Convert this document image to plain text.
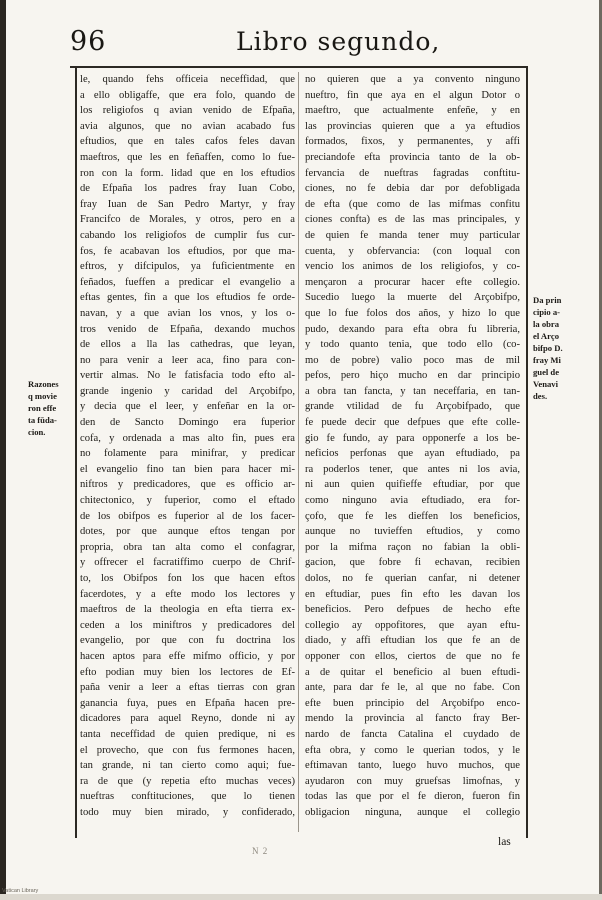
96	Libro segundo,
le, quando fehs officeia neceffidad, que
a ello obligaffe, que era folo, quando de
los religiofos q avian venido de Efpaña,
avia algunos, que no avian acabado fus
eftudios, que en tales cafos feles davan
maeftros, que les en feñaffen, como lo fue-
ron con la form. lidad que en los eftudios
de Efpaña los padres fray Iuan Cobo,
fray Iuan de San Pedro Martyr, y fray
Francifco de Morales, y otros, pero en a
cabando los religiofos de cumplir fus cur-
fos, fe acabavan los eftudios, por que ma-
eftros, y difcipulos, ya fuficientmente en
feñados, fueffen a predicar el evangelio a
eftas gentes, fin a que los eftudios fe orde-
navan, y a que avian los vnos, y los o-
tros venido de Efpaña, dexando muchos
de ellos a lla las cathedras, que leyan,
no para venir a leer aca, fino para con-
vertir almas. No le fatisfacia todo efto al-
grande ingenio y caridad del Arçobifpo,
y decia que el leer, y enfeñar en la or-
den de Sancto Domingo era fuperior
cofa, y ordenada a mas alto fin, pues era
no folamente para minifrar, y predicar
el evangelio fino tan bien para hacer mi-
niftros y predicadores, que es officio ar-
chitectonico, y fuperior, como el eftado
de los obifpos es fuperior al de los facer-
dotes, por que aunque eftos tengan por
propria, obra tan alta como el confagrar,
y offrecer el facratiffimo cuerpo de Chrif-
to, los Obifpos fon los que hacen eftos
facerdotes, y a efte modo los lectores y
maeftros de la theologia en efta tierra ex-
ceden a los miniftros y predicadores del
evangelio, por que con fu doctrina los
hacen aptos para effe mifmo officio, y por
efto podian muy bien los lectores de Ef-
paña venir a leer a eftas tierras con gran
ganancia fuya, pues en Efpaña hacen pre-
dicadores para aquel Reyno, donde ni ay
tanta neceffidad de quien predique, ni es
el provecho, que con fus fermones hacen,
tan grande, ni tan cierto como aqui; fue-
ra de que (y repetia efto muchas veces)
nueftras conftituciones, que lo tienen
todo muy bien mirado, y confiderado,
no quieren que a ya convento ninguno
nueftro, fin que aya en el algun Dotor o
maeftro, que actualmente enfeñe, y en
las provincias quieren que a ya eftudios
formados, fixos, y permanentes, y affi
preciandofe efta provincia tanto de la ob-
fervancia de nueftras fagradas conftitu-
ciones, no fe debia dar por defobligada
de efta (que como de las mifmas confitu
ciones confta) es de las mas principales, y
de quien fe manda tener muy particular
cuenta, y obfervancia: (con loqual con
vencio los animos de los religiofos, y co-
mençaron a procurar hacer efte collegio.
Sucedio luego la muerte del Arçobifpo,
que lo fue folos dos años, y hizo lo que
pudo, dexando para efta obra fu libreria,
y todo quanto tenia, que todo ello (co-
mo de pobre) valio poco mas de mil
pefos, pero hiço mucho en dar principio
a obra tan fancta, y tan neceffaria, en tan-
grande vtilidad de fu Arçobifpado, que
fe puede decir que defpues que efte colle-
gio fe fundo, ay para opponerfe a los be-
neficios perfonas que ayan eftudiado, pa
ra poderlos tener, que antes ni los avia,
ni aun quien quifieffe eftudiar, por que
como ninguno avia eftudiado, era for-
çofo, que fe les dieffen los beneficios,
aunque no tuvieffen eftudios, y como
por la mifma raçon no fabian la obli-
gacion, que fobre fi echavan, recibien
dolos, no fe querian canfar, ni detener
en eftudiar, pues fin efto les davan los
beneficios. Pero defpues de hecho efte
collegio ay oppofitores, que ayan eftu-
diado, y affi eftudian los que fe an de
opponer con ellos, ciertos de que no fe
a de quitar el beneficio al buen eftudi-
ante, para dar fe le, al que no fabe. Con
efte buen principio del Arçobifpo enco-
mendo la provincia al fancto fray Ber-
nardo de fancta Catalina el cuydado de
efta obra, y como le querian todos, y le
eftimavan tanto, luego huvo muchos, que
ayudaron con muy gruefsas limofnas, y
todas las que por el fe dieron, fueron fin
obligacion ninguna, aunque el collegio
Razones
q movie
ron effe
ta fūda-
cion.
Da prin
cipio a-
la obra
el Arço
bifpo D.
fray Mi
guel de
Venavi
des.
las
N 2
Vatican Library
